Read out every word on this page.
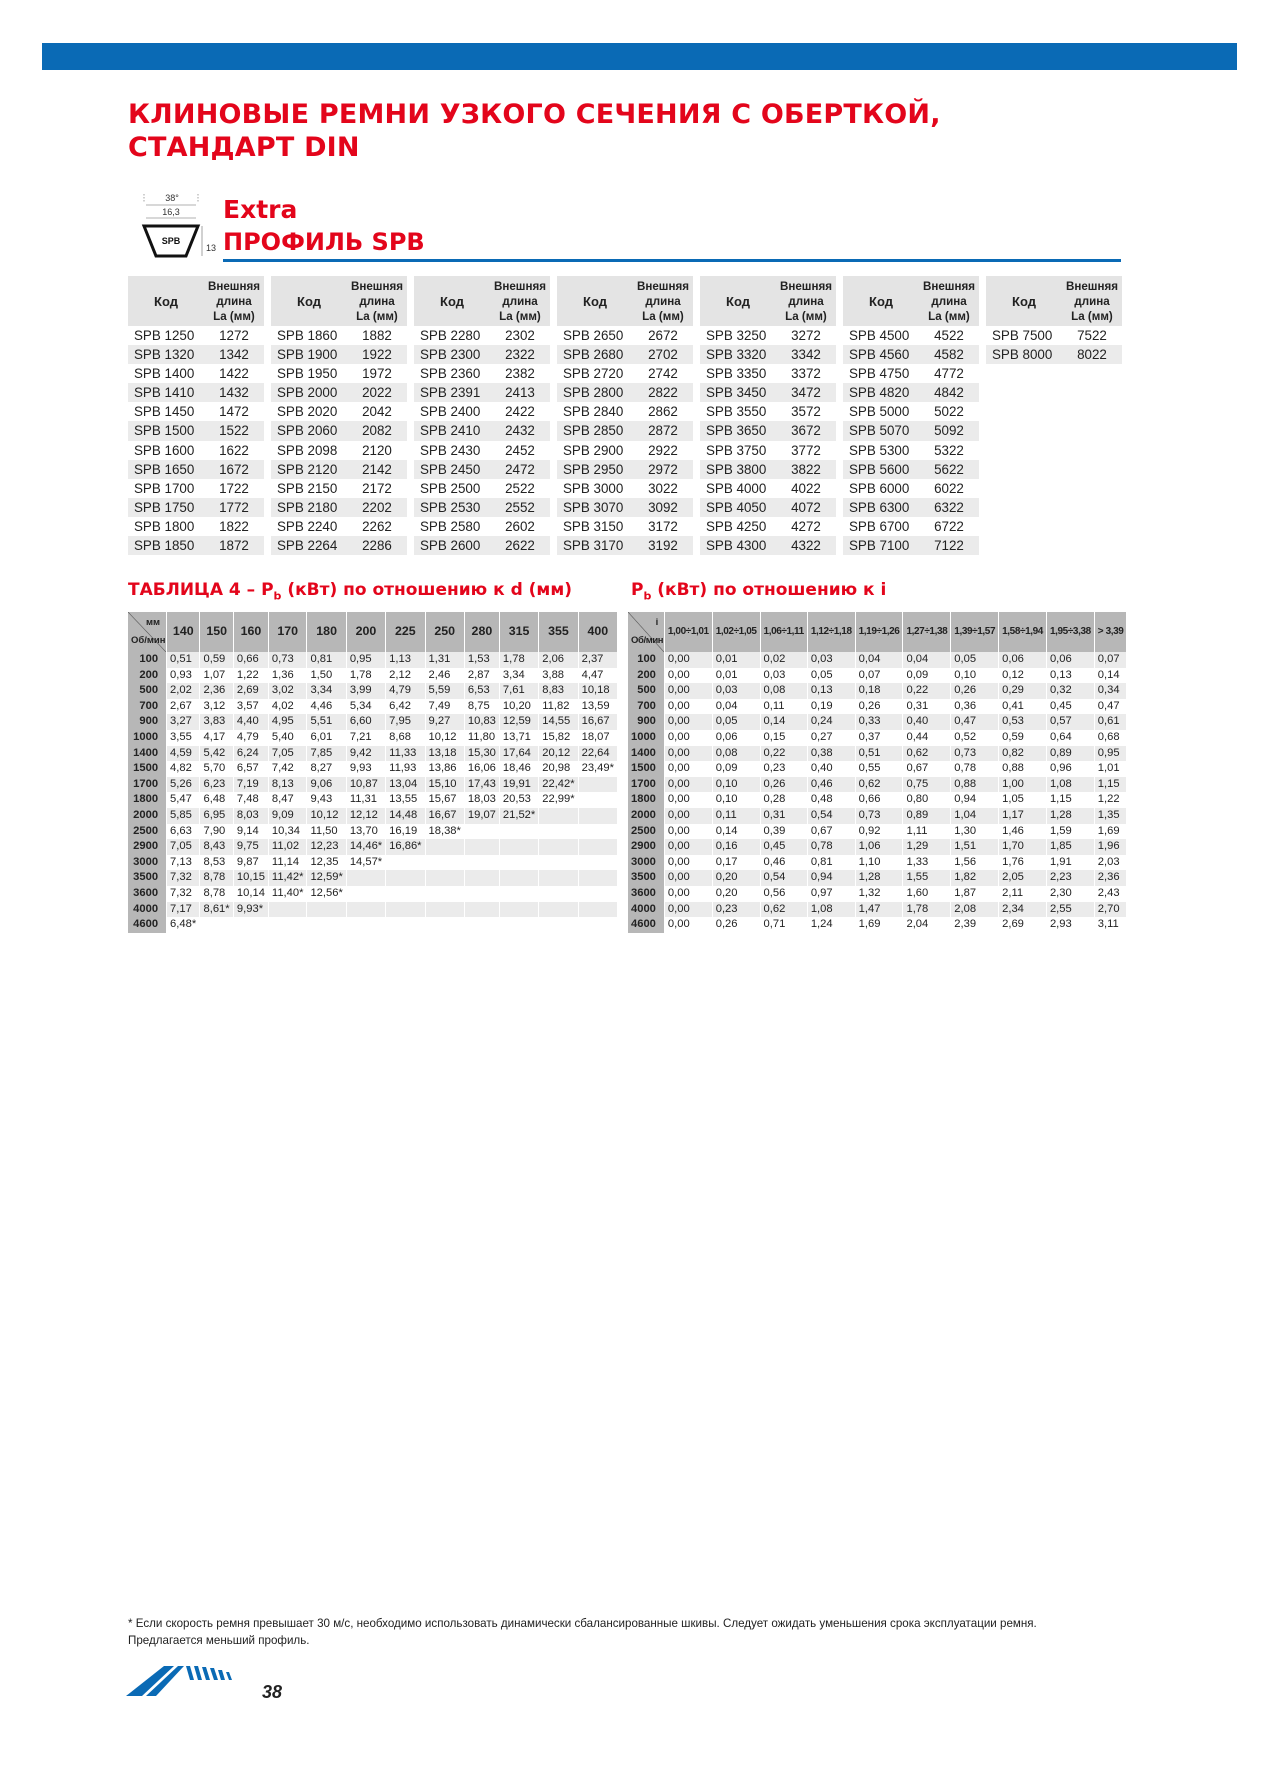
КЛИНОВЫЕ РЕМНИ УЗКОГО СЕЧЕНИЯ С ОБЕРТКОЙ,
СТАНДАРТ DIN
38°
16,3
SPB
13
Extra
ПРОФИЛЬ SPB
Код
Внешняя
длина
La (мм)
SPB 1250	1272
SPB 1320	1342
SPB 1400	1422
SPB 1410	1432
SPB 1450	1472
SPB 1500	1522
SPB 1600	1622
SPB 1650	1672
SPB 1700	1722
SPB 1750	1772
SPB 1800	1822
SPB 1850	1872
Код
Внешняя
длина
La (мм)
SPB 1860	1882
SPB 1900	1922
SPB 1950	1972
SPB 2000	2022
SPB 2020	2042
SPB 2060	2082
SPB 2098	2120
SPB 2120	2142
SPB 2150	2172
SPB 2180	2202
SPB 2240	2262
SPB 2264	2286
Код
Внешняя
длина
La (мм)
SPB 2280	2302
SPB 2300	2322
SPB 2360	2382
SPB 2391	2413
SPB 2400	2422
SPB 2410	2432
SPB 2430	2452
SPB 2450	2472
SPB 2500	2522
SPB 2530	2552
SPB 2580	2602
SPB 2600	2622
Код
Внешняя
длина
La (мм)
SPB 2650	2672
SPB 2680	2702
SPB 2720	2742
SPB 2800	2822
SPB 2840	2862
SPB 2850	2872
SPB 2900	2922
SPB 2950	2972
SPB 3000	3022
SPB 3070	3092
SPB 3150	3172
SPB 3170	3192
Код
Внешняя
длина
La (мм)
SPB 3250	3272
SPB 3320	3342
SPB 3350	3372
SPB 3450	3472
SPB 3550	3572
SPB 3650	3672
SPB 3750	3772
SPB 3800	3822
SPB 4000	4022
SPB 4050	4072
SPB 4250	4272
SPB 4300	4322
Код
Внешняя
длина
La (мм)
SPB 4500	4522
SPB 4560	4582
SPB 4750	4772
SPB 4820	4842
SPB 5000	5022
SPB 5070	5092
SPB 5300	5322
SPB 5600	5622
SPB 6000	6022
SPB 6300	6322
SPB 6700	6722
SPB 7100	7122
Код
Внешняя
длина
La (мм)
SPB 7500	7522
SPB 8000	8022
ТАБЛИЦА $4 - P_b$ (кВт) по отношению к d (мм)	$P_b$ (кВт) по отношению к i
мм
Об/мин	140	150	160	170	180	200	225	250	280	315	355	400
100	0,51	0,59	0,66	0,73	0,81	0,95	1,13	1,31	1,53	1,78	2,06	2,37
200	0,93	1,07	1,22	1,36	1,50	1,78	2,12	2,46	2,87	3,34	3,88	4,47
500	2,02	2,36	2,69	3,02	3,34	3,99	4,79	5,59	6,53	7,61	8,83	10,18
700	2,67	3,12	3,57	4,02	4,46	5,34	6,42	7,49	8,75	10,20	11,82	13,59
900	3,27	3,83	4,40	4,95	5,51	6,60	7,95	9,27	10,83	12,59	14,55	16,67
1000	3,55	4,17	4,79	5,40	6,01	7,21	8,68	10,12	11,80	13,71	15,82	18,07
1400	4,59	5,42	6,24	7,05	7,85	9,42	11,33	13,18	15,30	17,64	20,12	22,64
1500	4,82	5,70	6,57	7,42	8,27	9,93	11,93	13,86	16,06	18,46	20,98	23,49*
1700	5,26	6,23	7,19	8,13	9,06	10,87	13,04	15,10	17,43	19,91	22,42*	
1800	5,47	6,48	7,48	8,47	9,43	11,31	13,55	15,67	18,03	20,53	22,99*	
2000	5,85	6,95	8,03	9,09	10,12	12,12	14,48	16,67	19,07	21,52*		
2500	6,63	7,90	9,14	10,34	11,50	13,70	16,19	18,38*				
2900	7,05	8,43	9,75	11,02	12,23	14,46*	16,86*					
3000	7,13	8,53	9,87	11,14	12,35	14,57*						
3500	7,32	8,78	10,15	11,42*	12,59*							
3600	7,32	8,78	10,14	11,40*	12,56*							
4000	7,17	8,61*	9,93*									
4600	6,48*											
i
Об/мин	1,00÷1,01	1,02÷1,05	1,06÷1,11	1,12÷1,18	1,19÷1,26	1,27÷1,38	1,39÷1,57	1,58÷1,94	1,95÷3,38	> 3,39
100	0,00	0,01	0,02	0,03	0,04	0,04	0,05	0,06	0,06	0,07
200	0,00	0,01	0,03	0,05	0,07	0,09	0,10	0,12	0,13	0,14
500	0,00	0,03	0,08	0,13	0,18	0,22	0,26	0,29	0,32	0,34
700	0,00	0,04	0,11	0,19	0,26	0,31	0,36	0,41	0,45	0,47
900	0,00	0,05	0,14	0,24	0,33	0,40	0,47	0,53	0,57	0,61
1000	0,00	0,06	0,15	0,27	0,37	0,44	0,52	0,59	0,64	0,68
1400	0,00	0,08	0,22	0,38	0,51	0,62	0,73	0,82	0,89	0,95
1500	0,00	0,09	0,23	0,40	0,55	0,67	0,78	0,88	0,96	1,01
1700	0,00	0,10	0,26	0,46	0,62	0,75	0,88	1,00	1,08	1,15
1800	0,00	0,10	0,28	0,48	0,66	0,80	0,94	1,05	1,15	1,22
2000	0,00	0,11	0,31	0,54	0,73	0,89	1,04	1,17	1,28	1,35
2500	0,00	0,14	0,39	0,67	0,92	1,11	1,30	1,46	1,59	1,69
2900	0,00	0,16	0,45	0,78	1,06	1,29	1,51	1,70	1,85	1,96
3000	0,00	0,17	0,46	0,81	1,10	1,33	1,56	1,76	1,91	2,03
3500	0,00	0,20	0,54	0,94	1,28	1,55	1,82	2,05	2,23	2,36
3600	0,00	0,20	0,56	0,97	1,32	1,60	1,87	2,11	2,30	2,43
4000	0,00	0,23	0,62	1,08	1,47	1,78	2,08	2,34	2,55	2,70
4600	0,00	0,26	0,71	1,24	1,69	2,04	2,39	2,69	2,93	3,11
* Если скорость ремня превышает 30 м/с, необходимо использовать динамически сбалансированные шкивы. Следует ожидать уменьшения срока эксплуатации ремня. Предлагается меньший профиль.
38
